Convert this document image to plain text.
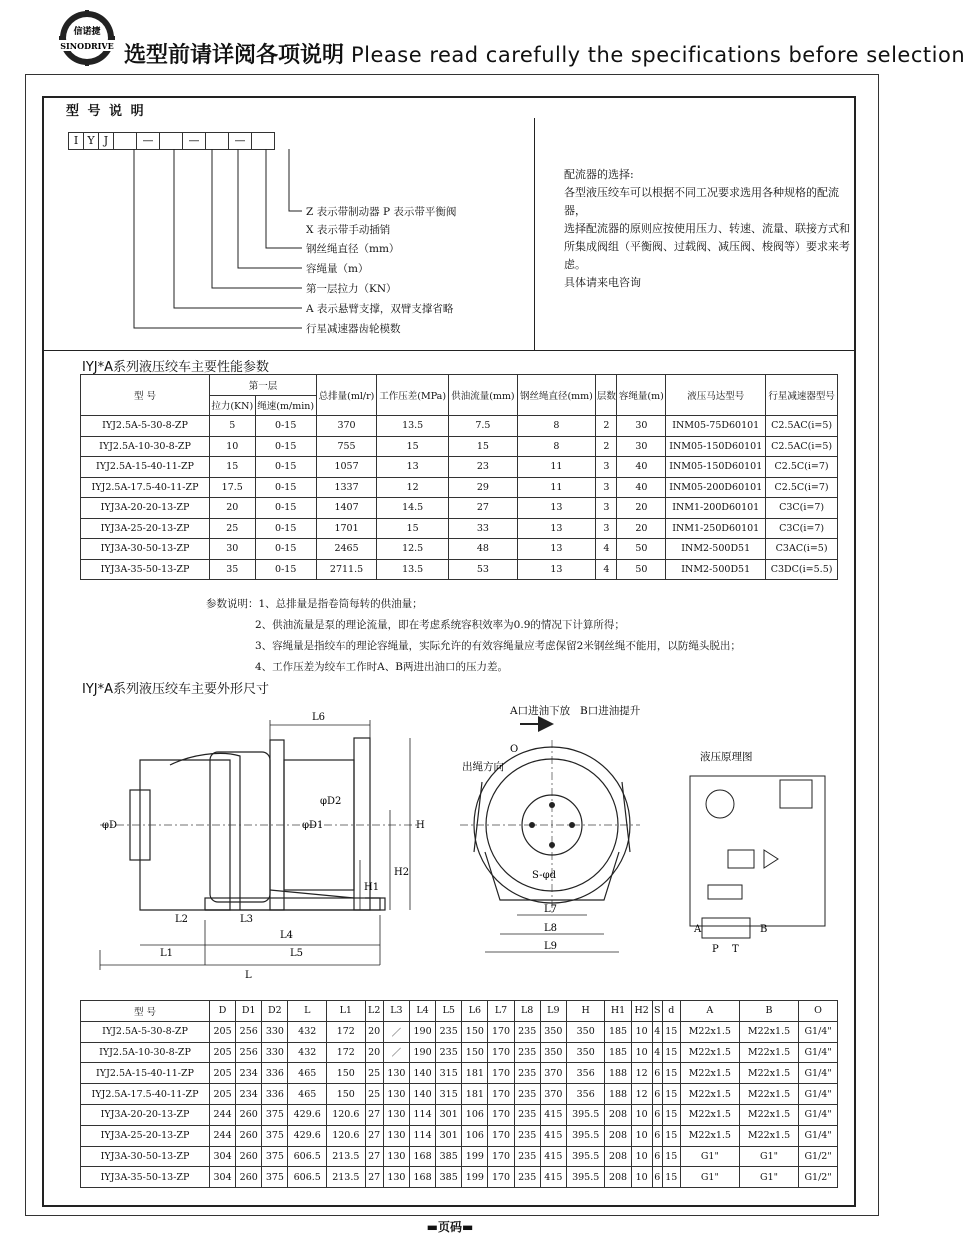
信诺捷
SINODRIVE 选型前请详阅各项说明 Please read carefully the specifications before selection
型 号 说 明
I Y J	—	—	—
Z 表示带制动器 P 表示带平衡阀
X 表示带手动插销
钢丝绳直径（mm）
容绳量（m）
第一层拉力（KN）
A 表示悬臂支撑，双臂支撑省略
行星减速器齿轮模数
配流器的选择:
各型液压绞车可以根据不同工况要求选用各种规格的配流器，
选择配流器的原则应按使用压力、转速、流量、联接方式和
所集成阀组（平衡阀、过载阀、减压阀、梭阀等）要求来考虑。
具体请来电咨询
IYJ*A系列液压绞车主要性能参数
型 号	第一层		总排量(ml/r)	工作压差(MPa)	供油流量(mm)	钢丝绳直径(mm)	层数	容绳量(m)	液压马达型号	行星减速器型号
	拉力(KN)	绳速(m/min)								
IYJ2.5A-5-30-8-ZP	5	0-15	370	13.5	7.5	8	2	30	INM05-75D60101	C2.5AC(i=5)
IYJ2.5A-10-30-8-ZP	10	0-15	755	15	15	8	2	30	INM05-150D60101	C2.5AC(i=5)
IYJ2.5A-15-40-11-ZP	15	0-15	1057	13	23	11	3	40	INM05-150D60101	C2.5C(i=7)
IYJ2.5A-17.5-40-11-ZP	17.5	0-15	1337	12	29	11	3	40	INM05-200D60101	C2.5C(i=7)
IYJ3A-20-20-13-ZP	20	0-15	1407	14.5	27	13	3	20	INM1-200D60101	C3C(i=7)
IYJ3A-25-20-13-ZP	25	0-15	1701	15	33	13	3	20	INM1-250D60101	C3C(i=7)
IYJ3A-30-50-13-ZP	30	0-15	2465	12.5	48	13	4	50	INM2-500D51	C3AC(i=5)
IYJ3A-35-50-13-ZP	35	0-15	2711.5	13.5	53	13	4	50	INM2-500D51	C3DC(i=5.5)
参数说明：1、总排量是指卷筒每转的供油量；
2、供油流量是泵的理论流量，即在考虑系统容积效率为0.9的情况下计算所得；
3、容绳量是指绞车的理论容绳量，实际允许的有效容绳量应考虑保留2米钢丝绳不能用，以防绳头脱出；
4、工作压差为绞车工作时A、B两进出油口的压力差。
IYJ*A系列液压绞车主要外形尺寸
L6
φD2
φD1
φD	H
H2
H1
L2	L3
L4
L5
L1
L
A口进油下放 B口进油提升
出绳方向
S-φd
L7
L8
L9
O
液压原理图
A	B
P T
型 号	D	D1	D2	L	L1	L2	L3	L4	L5	L6	L7	L8	L9	H	H1	H2	S	d	A	B	O
IYJ2.5A-5-30-8-ZP	205	256	330	432	172	20	／	190	235	150	170	235	350	350	185	10	4	15	M22x1.5	M22x1.5	G1/4"
IYJ2.5A-10-30-8-ZP	205	256	330	432	172	20	／	190	235	150	170	235	350	350	185	10	4	15	M22x1.5	M22x1.5	G1/4"
IYJ2.5A-15-40-11-ZP	205	234	336	465	150	25	130	140	315	181	170	235	370	356	188	12	6	15	M22x1.5	M22x1.5	G1/4"
IYJ2.5A-17.5-40-11-ZP	205	234	336	465	150	25	130	140	315	181	170	235	370	356	188	12	6	15	M22x1.5	M22x1.5	G1/4"
IYJ3A-20-20-13-ZP	244	260	375	429.6	120.6	27	130	114	301	106	170	235	415	395.5	208	10	6	15	M22x1.5	M22x1.5	G1/4"
IYJ3A-25-20-13-ZP	244	260	375	429.6	120.6	27	130	114	301	106	170	235	415	395.5	208	10	6	15	M22x1.5	M22x1.5	G1/4"
IYJ3A-30-50-13-ZP	304	260	375	606.5	213.5	27	130	168	385	199	170	235	415	395.5	208	10	6	15	G1"	G1"	G1/2"
IYJ3A-35-50-13-ZP	304	260	375	606.5	213.5	27	130	168	385	199	170	235	415	395.5	208	10	6	15	G1"	G1"	G1/2"
▬页码▬
